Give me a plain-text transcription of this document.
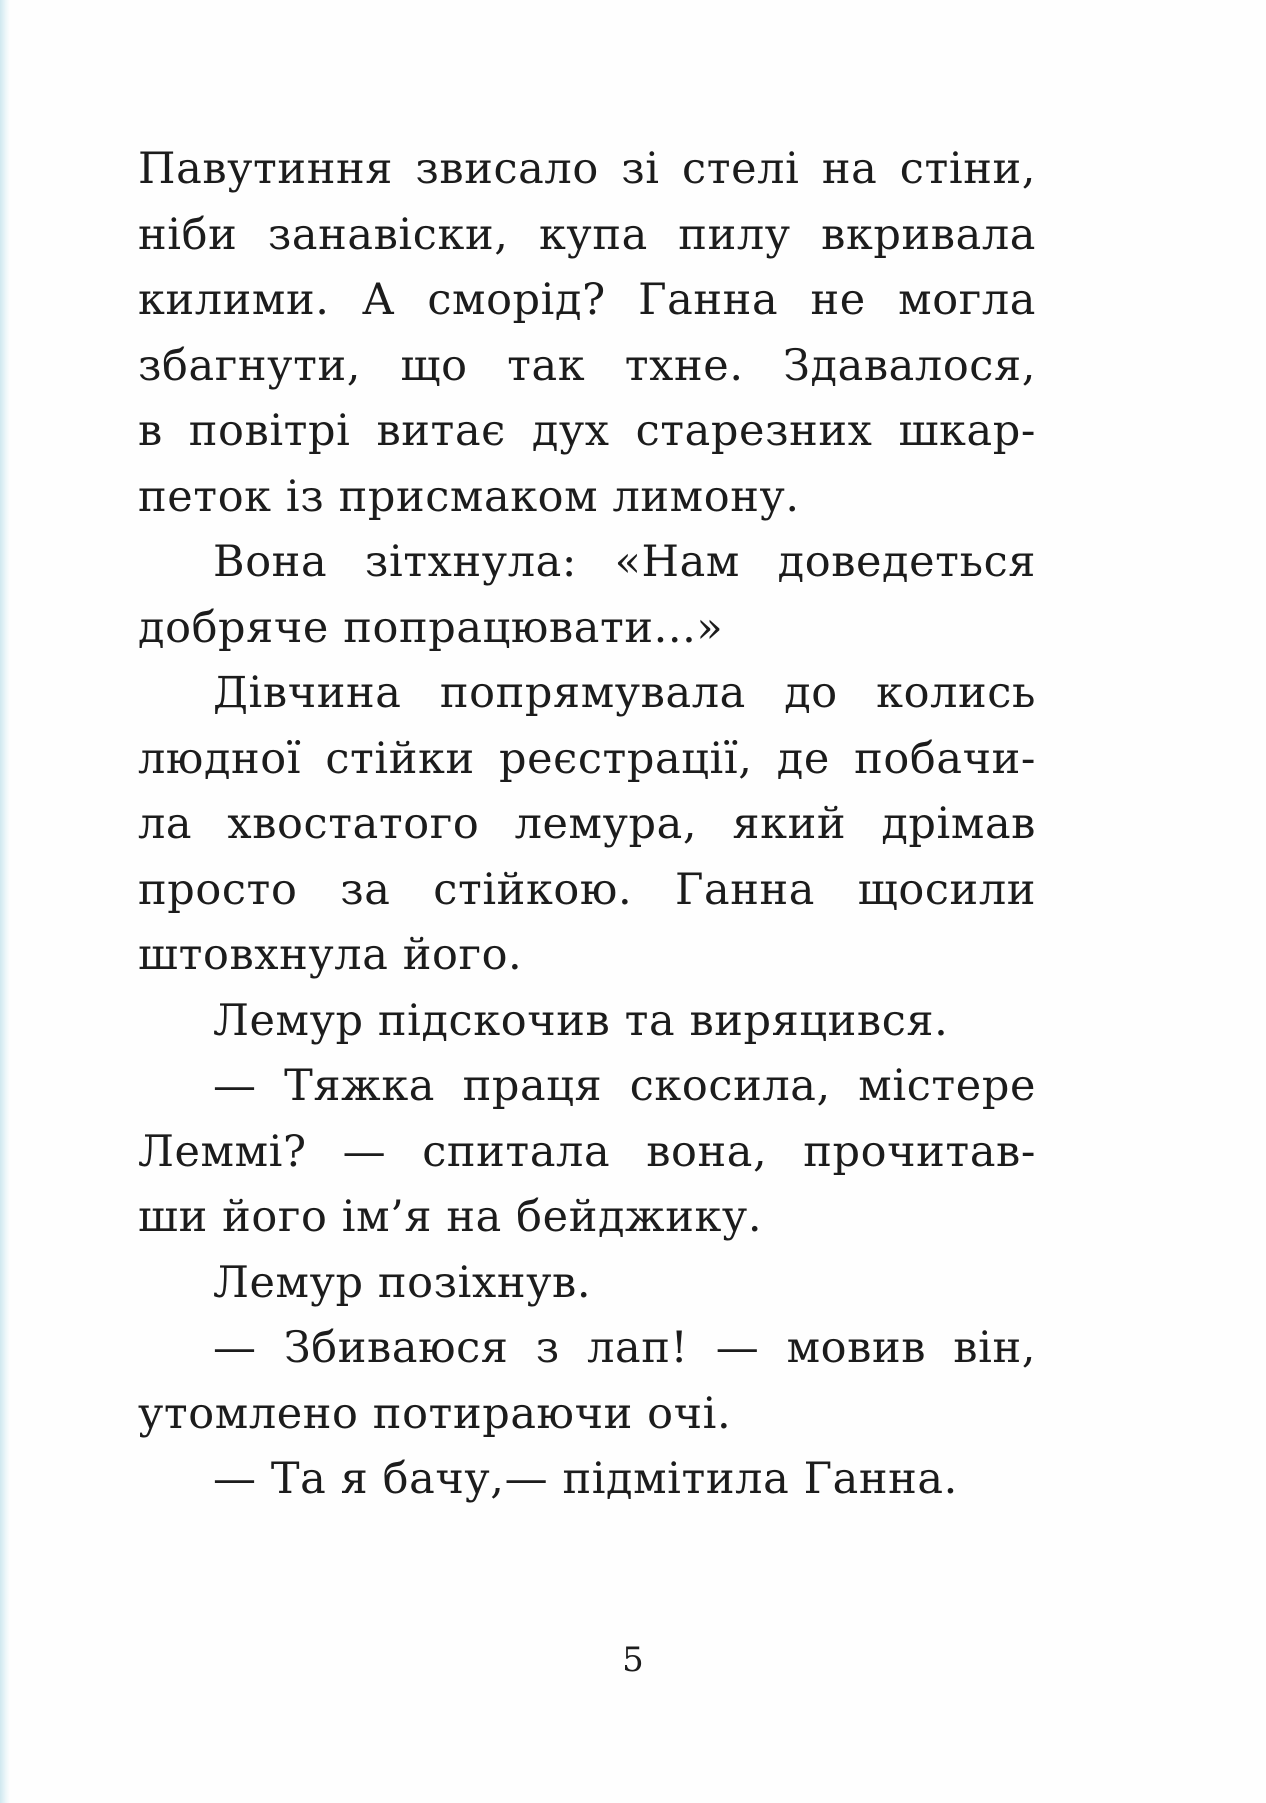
Павутиння звисало зі стелі на стіни,
ніби занавіски, купа пилу вкривала
килими. А сморід? Ганна не могла
збагнути, що так тхне. Здавалося,
в повітрі витає дух старезних шкар-
петок із присмаком лимону.
Вона зітхнула: «Нам доведеться
добряче попрацювати...»
Дівчина попрямувала до колись
людної стійки реєстрації, де побачи-
ла хвостатого лемура, який дрімав
просто за стійкою. Ганна щосили
штовхнула його.
Лемур підскочив та виряцився.
— Тяжка праця скосила, містере
Леммі? — спитала вона, прочитав-
ши його ім’я на бейджику.
Лемур позіхнув.
— Збиваюся з лап! — мовив він,
утомлено потираючи очі.
— Та я бачу,— підмітила Ганна.
5
